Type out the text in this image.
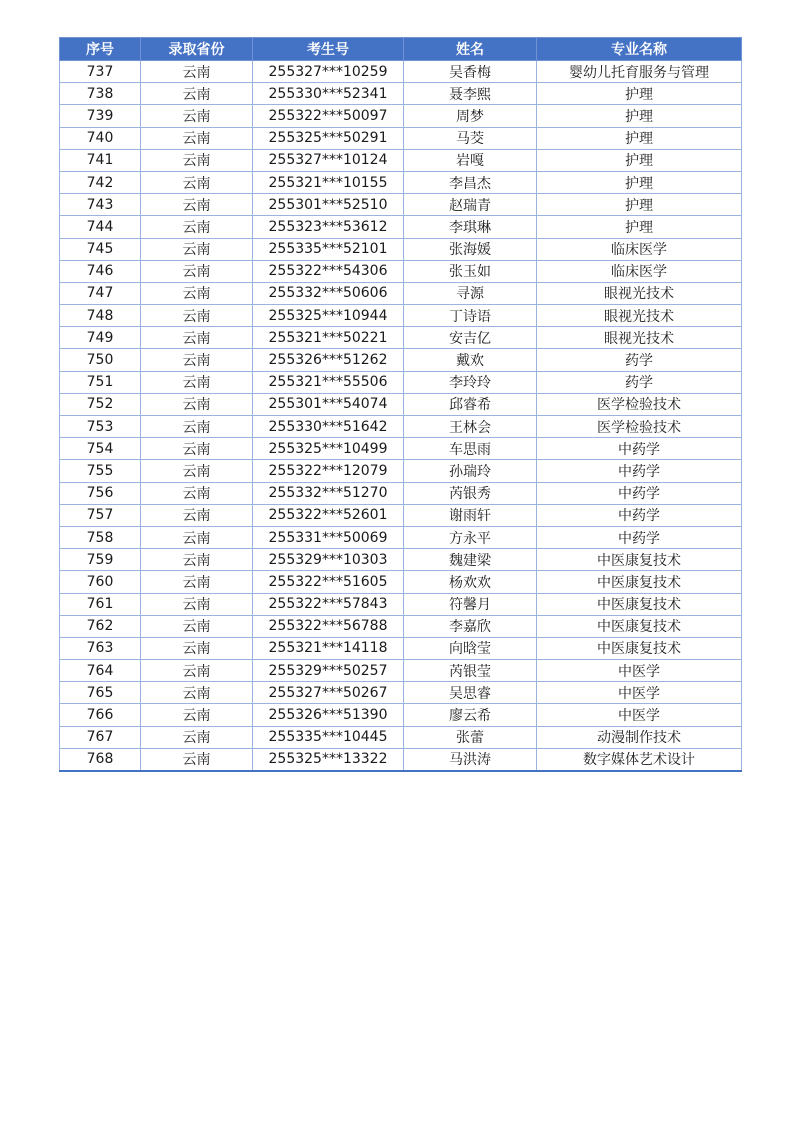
序号	录取省份	考生号	姓名	专业名称
737	云南	255327***10259	吴香梅	婴幼儿托育服务与管理
738	云南	255330***52341	聂李熙	护理
739	云南	255322***50097	周梦	护理
740	云南	255325***50291	马茭	护理
741	云南	255327***10124	岩嘎	护理
742	云南	255321***10155	李昌杰	护理
743	云南	255301***52510	赵瑞青	护理
744	云南	255323***53612	李琪琳	护理
745	云南	255335***52101	张海媛	临床医学
746	云南	255322***54306	张玉如	临床医学
747	云南	255332***50606	寻源	眼视光技术
748	云南	255325***10944	丁诗语	眼视光技术
749	云南	255321***50221	安吉亿	眼视光技术
750	云南	255326***51262	戴欢	药学
751	云南	255321***55506	李玲玲	药学
752	云南	255301***54074	邱睿希	医学检验技术
753	云南	255330***51642	王林会	医学检验技术
754	云南	255325***10499	车思雨	中药学
755	云南	255322***12079	孙瑞玲	中药学
756	云南	255332***51270	芮银秀	中药学
757	云南	255322***52601	谢雨轩	中药学
758	云南	255331***50069	方永平	中药学
759	云南	255329***10303	魏建梁	中医康复技术
760	云南	255322***51605	杨欢欢	中医康复技术
761	云南	255322***57843	符馨月	中医康复技术
762	云南	255322***56788	李嘉欣	中医康复技术
763	云南	255321***14118	向晗莹	中医康复技术
764	云南	255329***50257	芮银莹	中医学
765	云南	255327***50267	吴思睿	中医学
766	云南	255326***51390	廖云希	中医学
767	云南	255335***10445	张蕾	动漫制作技术
768	云南	255325***13322	马洪涛	数字媒体艺术设计
